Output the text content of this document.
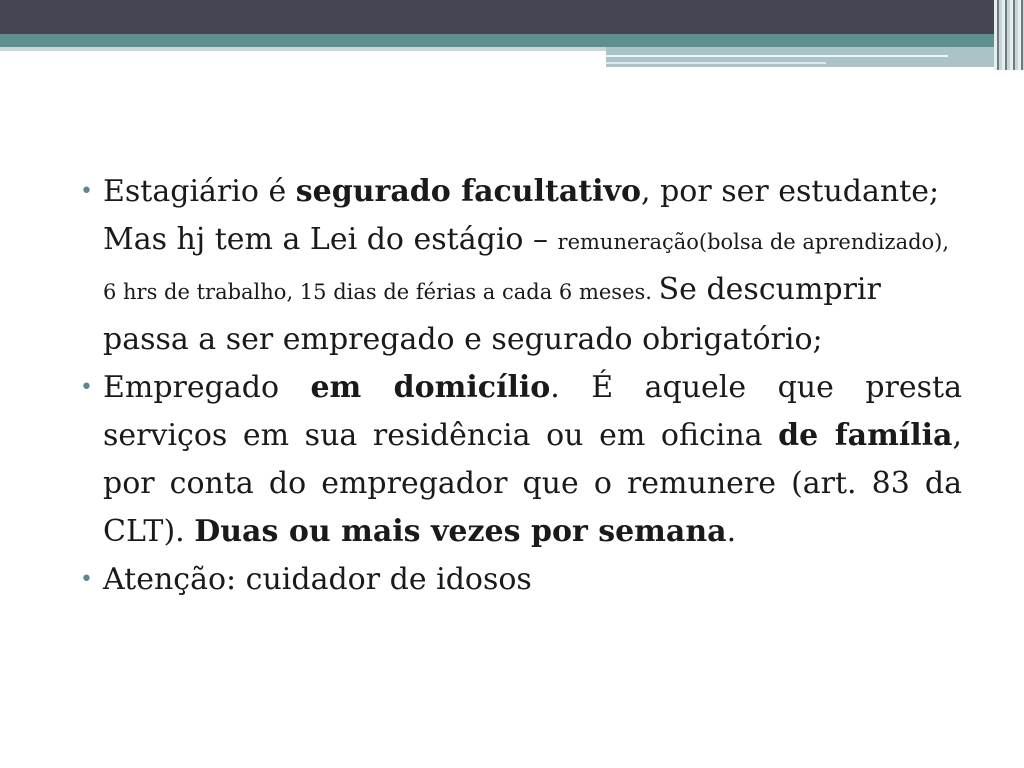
• Estagiário é segurado facultativo, por ser estudante; Mas hj tem a Lei do estágio – remuneração(bolsa de aprendizado), 6 hrs de trabalho, 15 dias de férias a cada 6 meses. Se descumprir passa a ser empregado e segurado obrigatório;
• Empregado em domicílio. É aquele que presta serviços em sua residência ou em oficina de família, por conta do empregador que o remunere (art. 83 da CLT). Duas ou mais vezes por semana.
• Atenção: cuidador de idosos
